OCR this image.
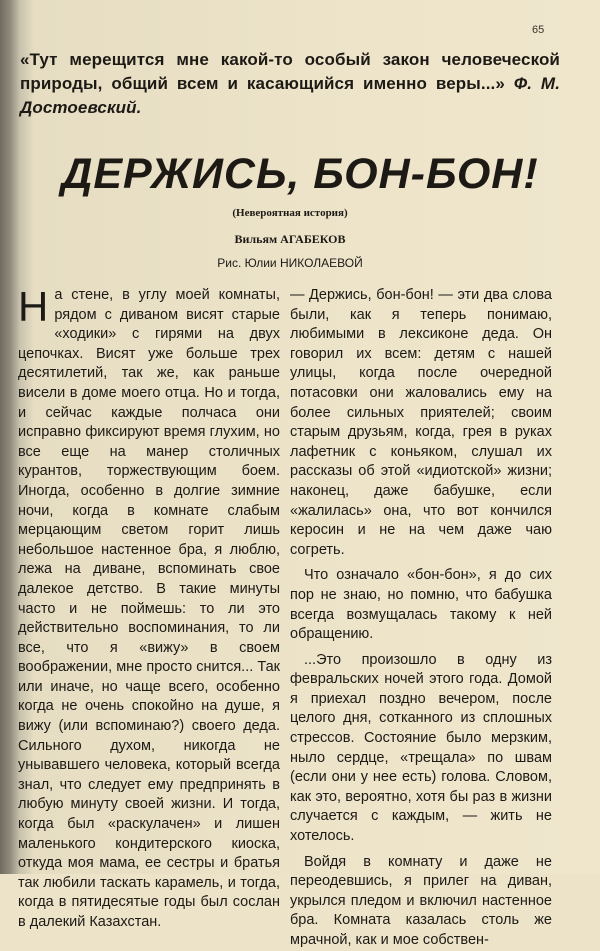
65
«Тут мерещится мне какой-то особый закон человеческой природы, общий всем и касающийся именно веры...» Ф. М. Достоевский.
ДЕРЖИСЬ, БОН-БОН!
(Невероятная история)
Вильям АГАБЕКОВ
Рис. Юлии НИКОЛАЕВОЙ

На стене, в углу моей комнаты, рядом с диваном висят старые «ходики» с гирями на двух цепочках. Висят уже больше трех десятилетий, так же, как раньше висели в доме моего отца. Но и тогда, и сейчас каждые полчаса они исправно фиксируют время глухим, но все еще на манер столичных курантов, торжествующим боем. Иногда, особенно в долгие зимние ночи, когда в комнате слабым мерцающим светом горит лишь небольшое настенное бра, я люблю, лежа на диване, вспоминать свое далекое детство. В такие минуты часто и не поймешь: то ли это действительно воспоминания, то ли все, что я «вижу» в своем воображении, мне просто снится... Так или иначе, но чаще всего, особенно когда не очень спокойно на душе, я вижу (или вспоминаю?) своего деда. Сильного духом, никогда не унывавшего человека, который всегда знал, что следует ему предпринять в любую минуту своей жизни. И тогда, когда был «раскулачен» и лишен маленького кондитерского киоска, откуда моя мама, ее сестры и братья так любили таскать карамель, и тогда, когда в пятидесятые годы был сослан в далекий Казахстан.

— Держись, бон-бон! — эти два слова были, как я теперь понимаю, любимыми в лексиконе деда. Он говорил их всем: детям с нашей улицы, когда после очередной потасовки они жаловались ему на более сильных приятелей; своим старым друзьям, когда, грея в руках лафетник с коньяком, слушал их рассказы об этой «идиотской» жизни; наконец, даже бабушке, если «жалилась» она, что вот кончился керосин и не на чем даже чаю согреть.

Что означало «бон-бон», я до сих пор не знаю, но помню, что бабушка всегда возмущалась такому к ней обращению.

...Это произошло в одну из февральских ночей этого года. Домой я приехал поздно вечером, после целого дня, сотканного из сплошных стрессов. Состояние было мерзким, ныло сердце, «трещала» по швам (если они у нее есть) голова. Словом, как это, вероятно, хотя бы раз в жизни случается с каждым, — жить не хотелось.

Войдя в комнату и даже не переодевшись, я прилег на диван, укрылся пледом и включил настенное бра. Комната казалась столь же мрачной, как и мое собствен-
